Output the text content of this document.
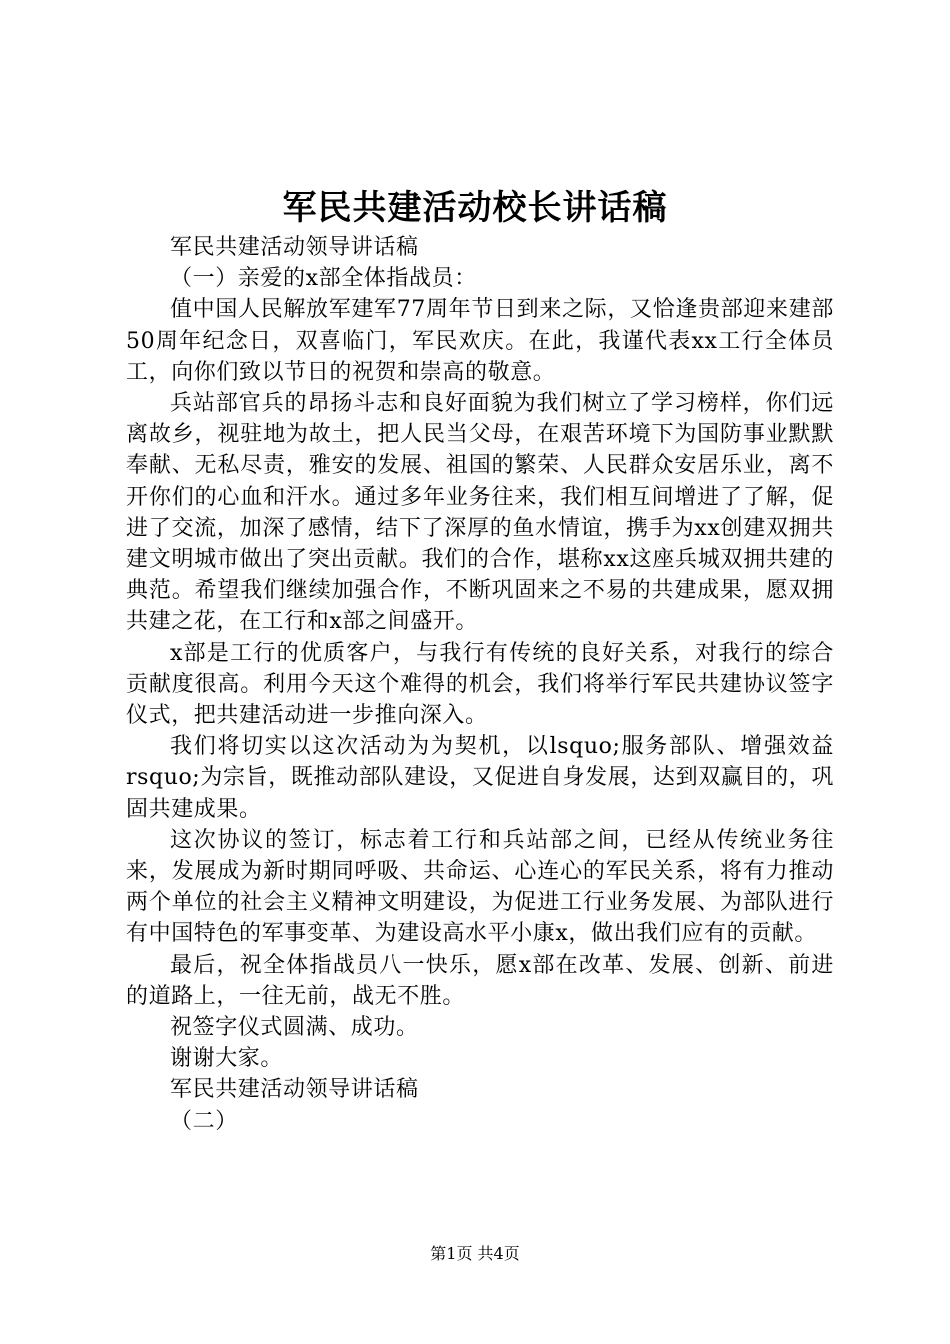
军民共建活动校长讲话稿

军民共建活动领导讲话稿

（一）亲爱的x部全体指战员：

值中国人民解放军建军77周年节日到来之际，又恰逢贵部迎来建部50周年纪念日，双喜临门，军民欢庆。在此，我谨代表xx工行全体员工，向你们致以节日的祝贺和崇高的敬意。

兵站部官兵的昂扬斗志和良好面貌为我们树立了学习榜样，你们远离故乡，视驻地为故土，把人民当父母，在艰苦环境下为国防事业默默奉献、无私尽责，雅安的发展、祖国的繁荣、人民群众安居乐业，离不开你们的心血和汗水。通过多年业务往来，我们相互间增进了了解，促进了交流，加深了感情，结下了深厚的鱼水情谊，携手为xx创建双拥共建文明城市做出了突出贡献。我们的合作，堪称xx这座兵城双拥共建的典范。希望我们继续加强合作，不断巩固来之不易的共建成果，愿双拥共建之花，在工行和x部之间盛开。

x部是工行的优质客户，与我行有传统的良好关系，对我行的综合贡献度很高。利用今天这个难得的机会，我们将举行军民共建协议签字仪式，把共建活动进一步推向深入。

我们将切实以这次活动为为契机，以lsquo;服务部队、增强效益rsquo;为宗旨，既推动部队建设，又促进自身发展，达到双赢目的，巩固共建成果。

这次协议的签订，标志着工行和兵站部之间，已经从传统业务往来，发展成为新时期同呼吸、共命运、心连心的军民关系，将有力推动两个单位的社会主义精神文明建设，为促进工行业务发展、为部队进行有中国特色的军事变革、为建设高水平小康x，做出我们应有的贡献。

最后，祝全体指战员八一快乐，愿x部在改革、发展、创新、前进的道路上，一往无前，战无不胜。

祝签字仪式圆满、成功。

谢谢大家。

军民共建活动领导讲话稿

（二）

第1页 共4页
